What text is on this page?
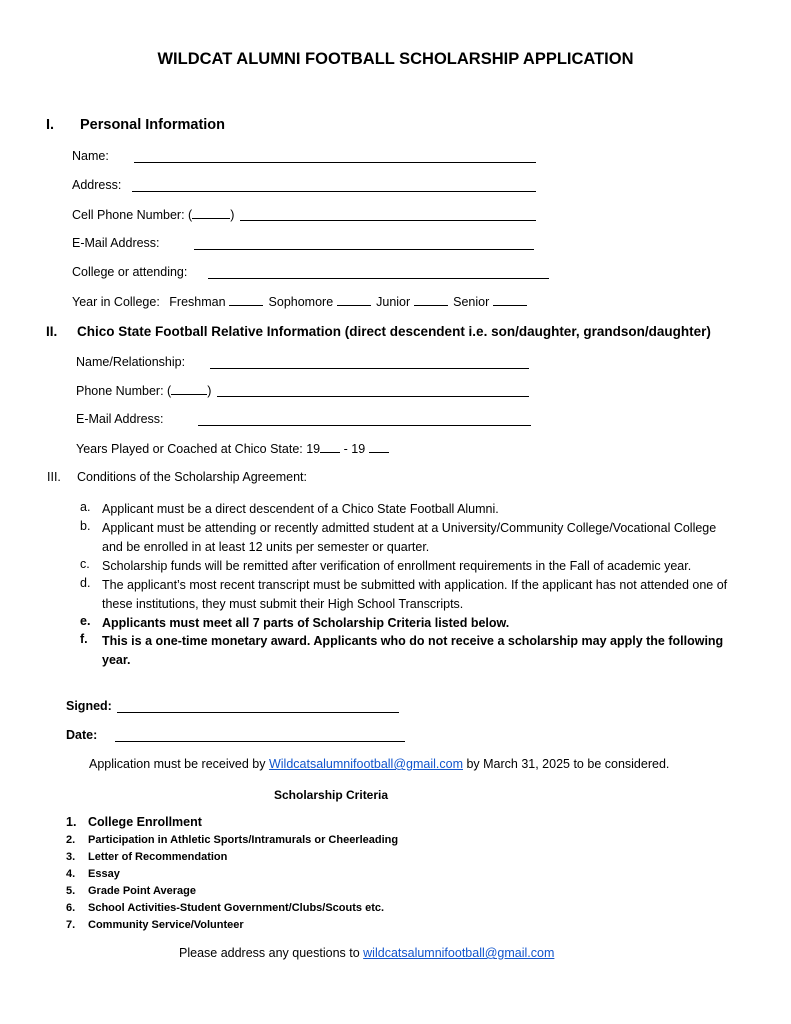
WILDCAT ALUMNI FOOTBALL SCHOLARSHIP APPLICATION
I. Personal Information
Name:
Address:
Cell Phone Number: (	)
E-Mail Address:
College or attending:
Year in College: Freshman	Sophomore	Junior	Senior
II. Chico State Football Relative Information (direct descendent i.e. son/daughter, grandson/daughter)
Name/Relationship:
Phone Number: (	)
E-Mail Address:
Years Played or Coached at Chico State: 19 - 19
III. Conditions of the Scholarship Agreement:
a. Applicant must be a direct descendent of a Chico State Football Alumni.
b. Applicant must be attending or recently admitted student at a University/Community College/Vocational College and be enrolled in at least 12 units per semester or quarter.
c. Scholarship funds will be remitted after verification of enrollment requirements in the Fall of academic year.
d. The applicant’s most recent transcript must be submitted with application. If the applicant has not attended one of these institutions, they must submit their High School Transcripts.
e. Applicants must meet all 7 parts of Scholarship Criteria listed below.
f.	This is a one-time monetary award. Applicants who do not receive a scholarship may apply the following year.
Signed:
Date:
Application must be received by Wildcatsalumnifootball@gmail.com by March 31, 2025 to be considered.
Scholarship Criteria
1. College Enrollment
2.	Participation in Athletic Sports/Intramurals or Cheerleading
3.	Letter of Recommendation
4.	Essay
5.	Grade Point Average
6.	School Activities-Student Government/Clubs/Scouts etc.
7.	Community Service/Volunteer
Please address any questions to wildcatsalumnifootball@gmail.com
